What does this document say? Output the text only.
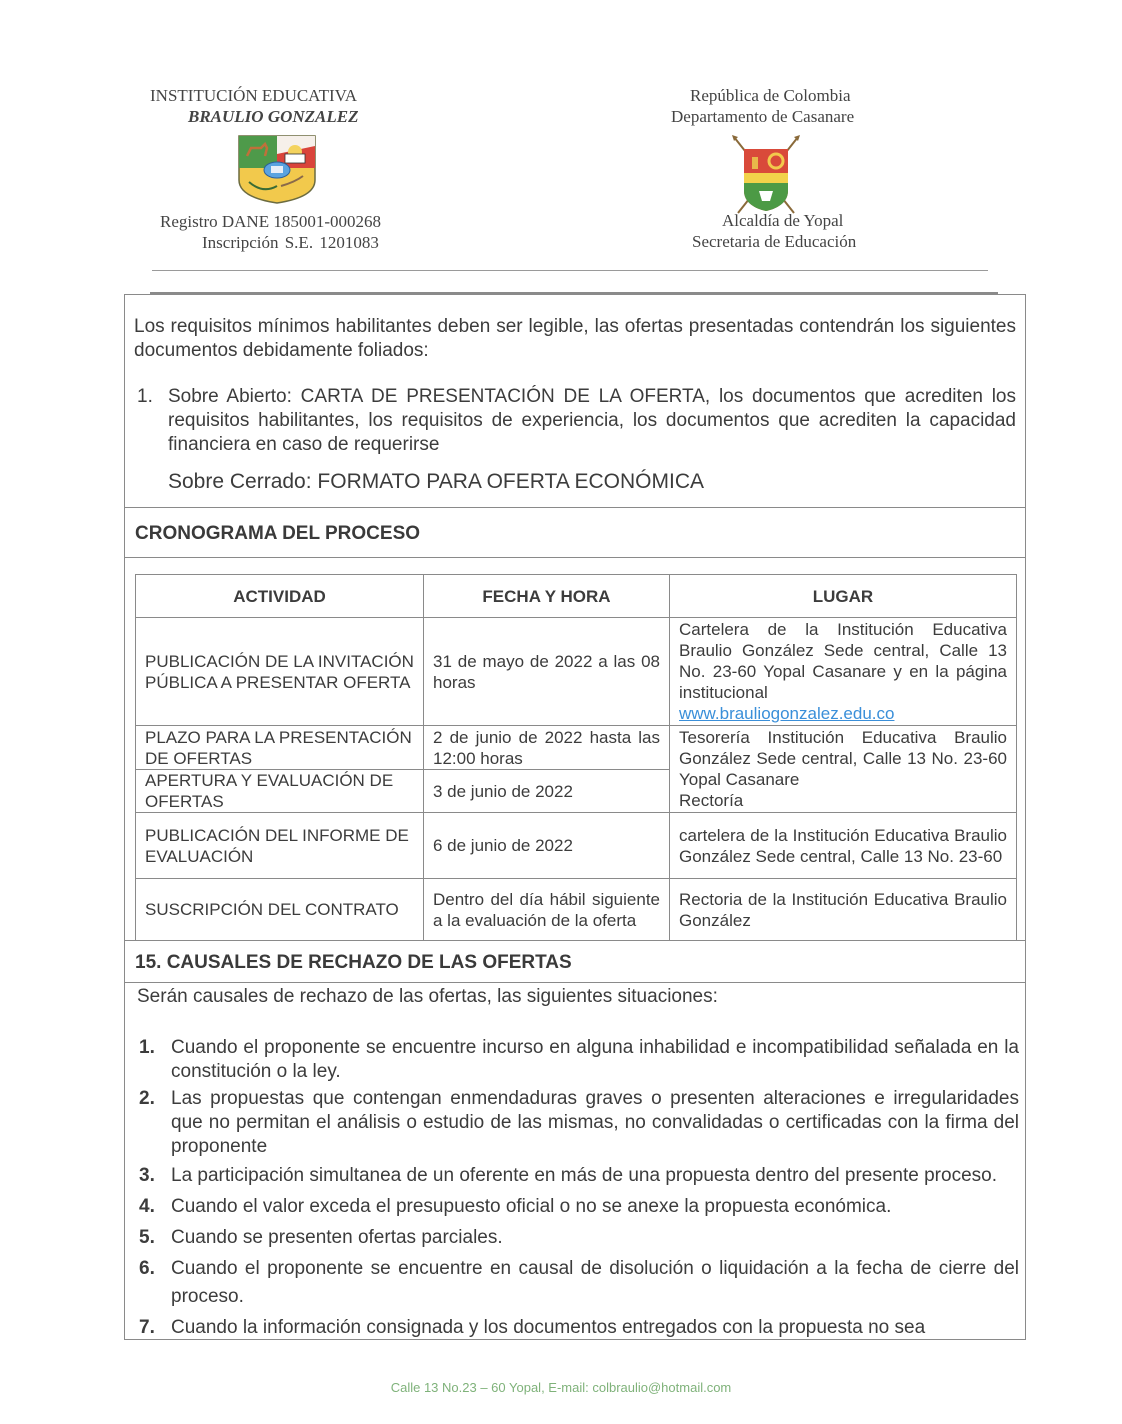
INSTITUCIÓN EDUCATIVA
BRAULIO GONZALEZ
Registro DANE 185001-000268
Inscripción S.E. 1201083
República de Colombia
Departamento de Casanare
Alcaldía de Yopal
Secretaria de Educación
Los requisitos mínimos habilitantes deben ser legible, las ofertas presentadas contendrán los siguientes documentos debidamente foliados:
1. Sobre Abierto: CARTA DE PRESENTACIÓN DE LA OFERTA, los documentos que acrediten los requisitos habilitantes, los requisitos de experiencia, los documentos que acrediten la capacidad financiera en caso de requerirse
Sobre Cerrado: FORMATO PARA OFERTA ECONÓMICA
CRONOGRAMA DEL PROCESO
ACTIVIDAD	FECHA Y HORA	LUGAR
PUBLICACIÓN DE LA INVITACIÓN PÚBLICA A PRESENTAR OFERTA	31 de mayo de 2022 a las 08 horas	Cartelera de la Institución Educativa Braulio González Sede central, Calle 13 No. 23-60 Yopal Casanare y en la página institucional
www.brauliogonzalez.edu.co
PLAZO PARA LA PRESENTACIÓN DE OFERTAS	2 de junio de 2022 hasta las 12:00 horas	Tesorería Institución Educativa Braulio González Sede central, Calle 13 No. 23-60 Yopal Casanare
Rectoría
APERTURA Y EVALUACIÓN DE OFERTAS	3 de junio de 2022	
PUBLICACIÓN DEL INFORME DE EVALUACIÓN	6 de junio de 2022	cartelera de la Institución Educativa Braulio González Sede central, Calle 13 No. 23-60
SUSCRIPCIÓN DEL CONTRATO	Dentro del día hábil siguiente a la evaluación de la oferta	Rectoria de la Institución Educativa Braulio González
15. CAUSALES DE RECHAZO DE LAS OFERTAS
Serán causales de rechazo de las ofertas, las siguientes situaciones:
1. Cuando el proponente se encuentre incurso en alguna inhabilidad e incompatibilidad señalada en la constitución o la ley.
2. Las propuestas que contengan enmendaduras graves o presenten alteraciones e irregularidades que no permitan el análisis o estudio de las mismas, no convalidadas o certificadas con la firma del proponente
3. La participación simultanea de un oferente en más de una propuesta dentro del presente proceso.
4. Cuando el valor exceda el presupuesto oficial o no se anexe la propuesta económica.
5. Cuando se presenten ofertas parciales.
6. Cuando el proponente se encuentre en causal de disolución o liquidación a la fecha de cierre del proceso.
7. Cuando la información consignada y los documentos entregados con la propuesta no sea
Calle 13 No.23 – 60 Yopal, E-mail: colbraulio@hotmail.com
